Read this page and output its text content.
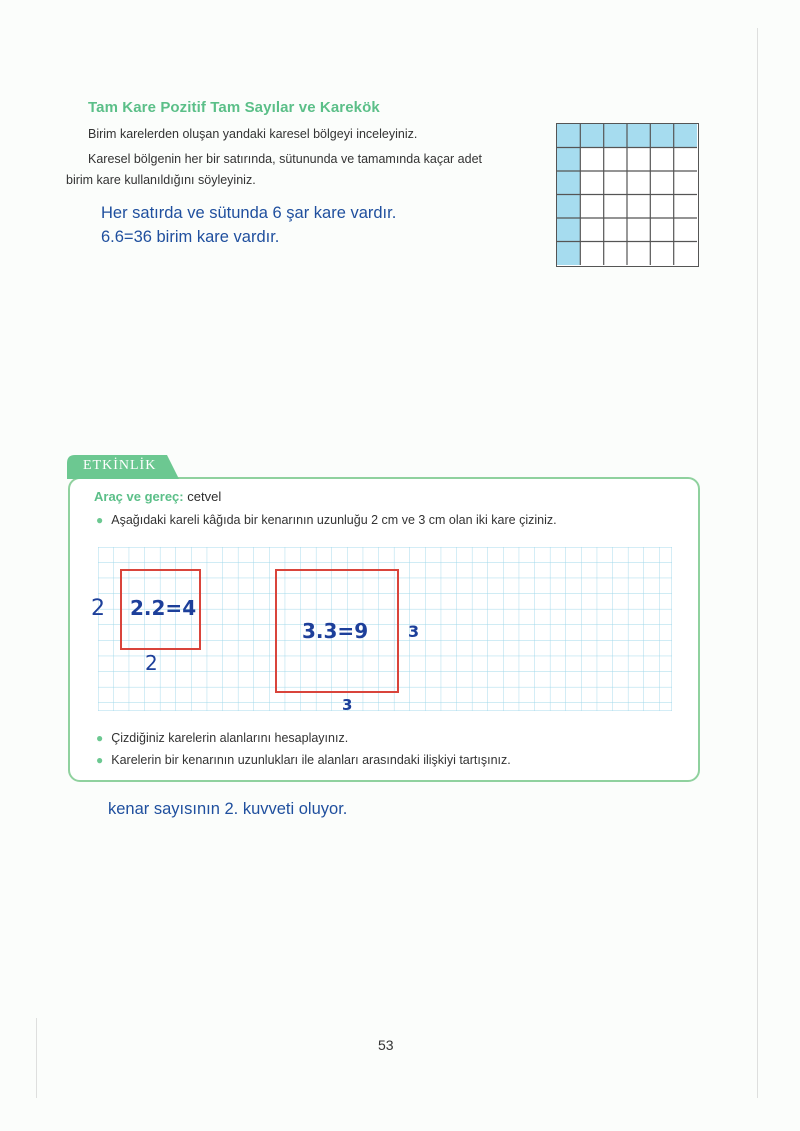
Tam Kare Pozitif Tam Sayılar ve Karekök
Birim karelerden oluşan yandaki karesel bölgeyi inceleyiniz.
Karesel bölgenin her bir satırında, sütununda ve tamamında kaçar adet
birim kare kullanıldığını söyleyiniz.
Her satırda ve sütunda 6 şar kare vardır.
6.6=36 birim kare vardır.
ETKİNLİK
Araç ve gereç: cetvel
● Aşağıdaki kareli kâğıda bir kenarının uzunluğu 2 cm ve 3 cm olan iki kare çiziniz.
2 2.2=4
2
3.3=9 3
3
● Çizdiğiniz karelerin alanlarını hesaplayınız.
● Karelerin bir kenarının uzunlukları ile alanları arasındaki ilişkiyi tartışınız.
kenar sayısının 2. kuvveti oluyor.
53
